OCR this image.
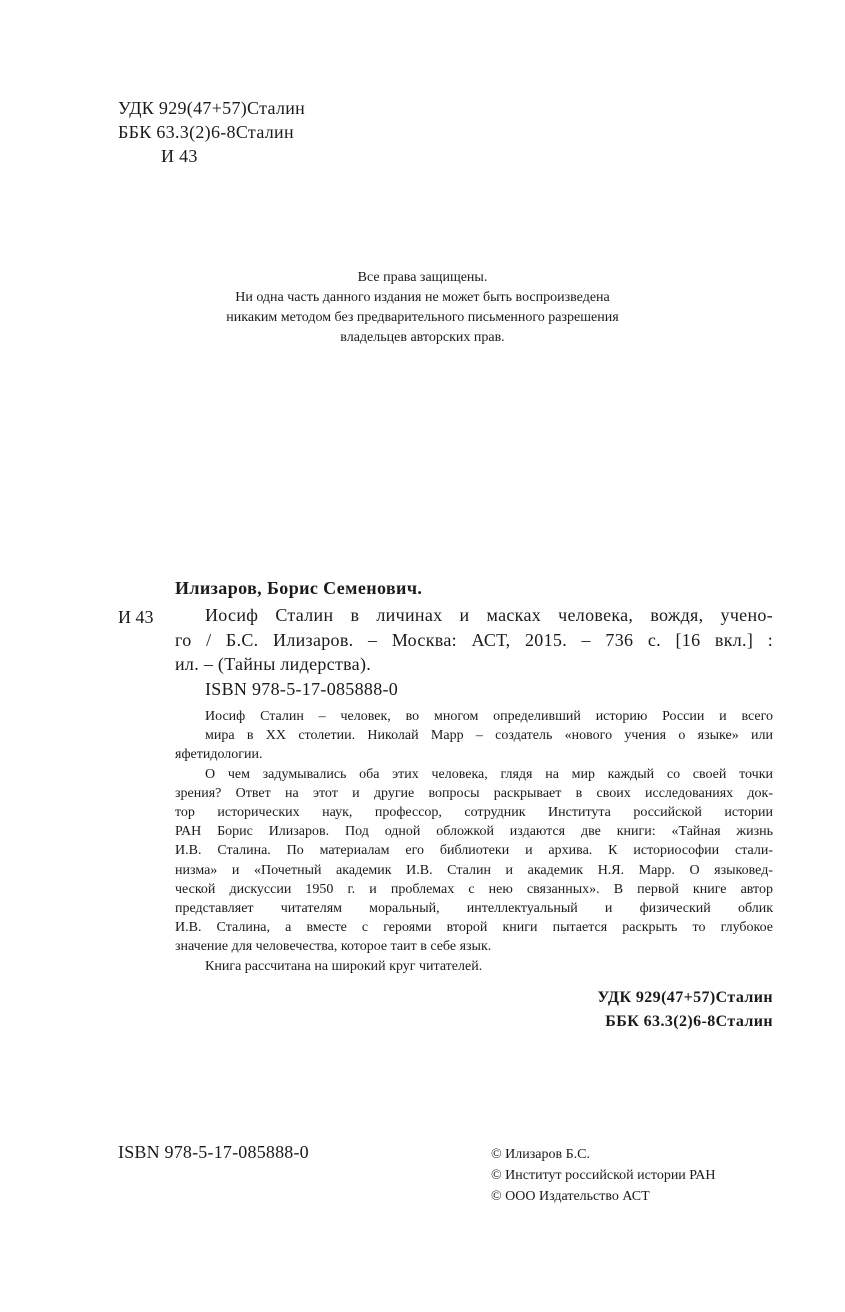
УДК 929(47+57)Сталин
ББК 63.3(2)6-8Сталин
И 43
Все права защищены.
Ни одна часть данного издания не может быть воспроизведена
никаким методом без предварительного письменного разрешения
владельцев авторских прав.
Илизаров, Борис Семенович.
И 43	Иосиф Сталин в личинах и масках человека, вождя, учено-
го / Б.С. Илизаров. – Москва: АСТ, 2015. – 736 с. [16 вкл.] :
ил. – (Тайны лидерства).
ISBN 978-5-17-085888-0

Иосиф Сталин – человек, во многом определивший историю России и всего
мира в XX столетии. Николай Марр – создатель «нового учения о языке» или
яфетидологии.

О чем задумывались оба этих человека, глядя на мир каждый со своей точки
зрения? Ответ на этот и другие вопросы раскрывает в своих исследованиях док-
тор исторических наук, профессор, сотрудник Института российской истории
РАН Борис Илизаров. Под одной обложкой издаются две книги: «Тайная жизнь
И.В. Сталина. По материалам его библиотеки и архива. К историософии стали-
низма» и «Почетный академик И.В. Сталин и академик Н.Я. Марр. О языковед-
ческой дискуссии 1950 г. и проблемах с нею связанных». В первой книге автор
представляет читателям моральный, интеллектуальный и физический облик
И.В. Сталина, а вместе с героями второй книги пытается раскрыть то глубокое
значение для человечества, которое таит в себе язык.

Книга рассчитана на широкий круг читателей.

УДК 929(47+57)Сталин
ББК 63.3(2)6-8Сталин
ISBN 978-5-17-085888-0	© Илизаров Б.С.
© Институт российской истории РАН
© ООО Издательство АСТ
